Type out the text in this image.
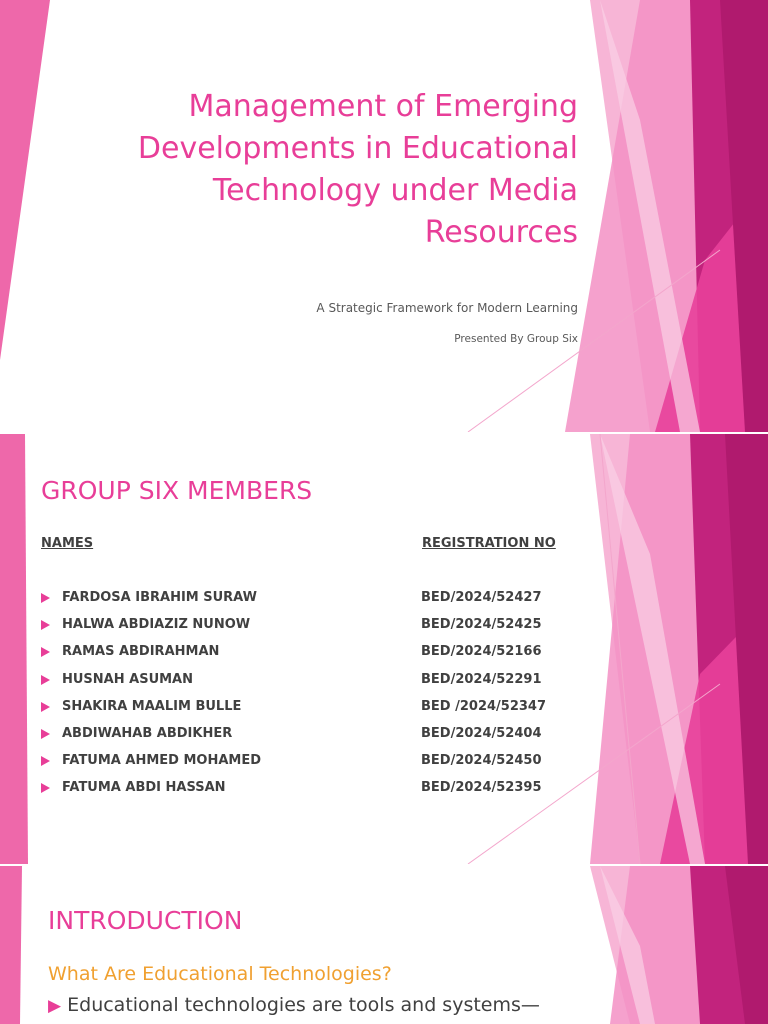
Management of Emerging Developments in Educational Technology under Media Resources
A Strategic Framework for Modern Learning
Presented By Group Six
GROUP SIX MEMBERS
NAMES	REGISTRATION NO
FARDOSA IBRAHIM SURAW	BED/2024/52427
HALWA ABDIAZIZ NUNOW	BED/2024/52425
RAMAS ABDIRAHMAN	BED/2024/52166
HUSNAH ASUMAN	BED/2024/52291
SHAKIRA MAALIM BULLE	BED /2024/52347
ABDIWAHAB ABDIKHER	BED/2024/52404
FATUMA AHMED MOHAMED	BED/2024/52450
FATUMA ABDI HASSAN	BED/2024/52395
INTRODUCTION
What Are Educational Technologies?
▶ Educational technologies are tools and systems—
